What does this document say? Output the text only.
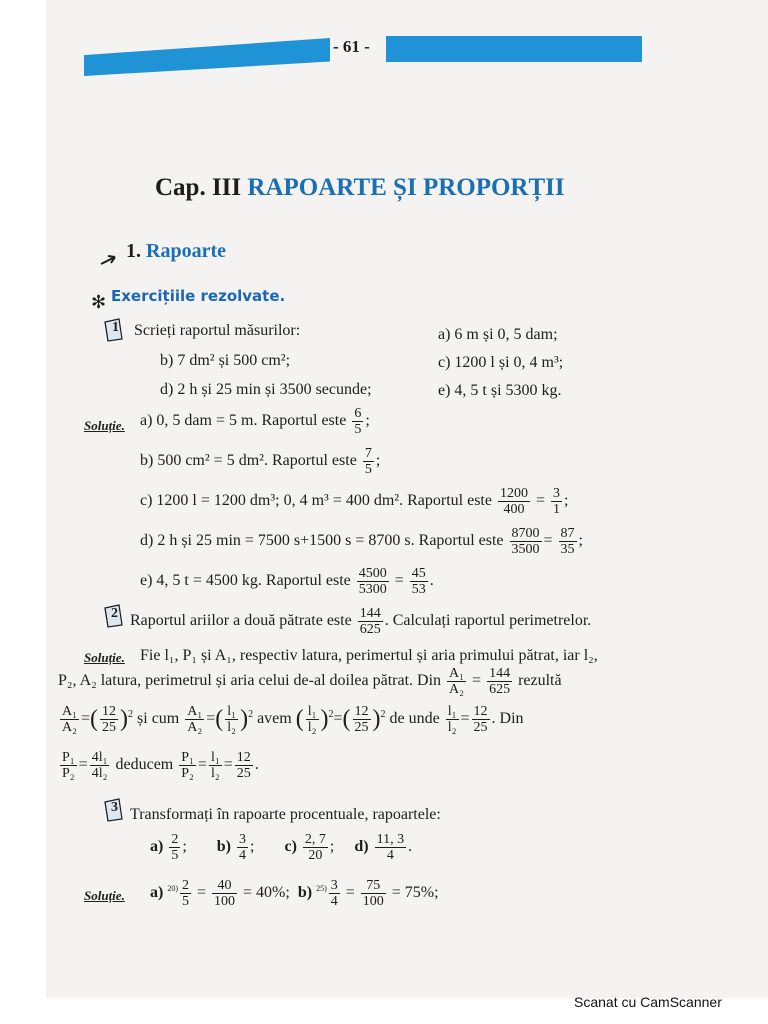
- 61 -
Cap. III RAPOARTE ȘI PROPORȚII
1. Rapoarte
✻ Exercițiile rezolvate.
1 Scrieți raportul măsurilor:	a) 6 m și 0, 5 dam;
b) 7 dm² și 500 cm²;	c) 1200 l și 0, 4 m³;
d) 2 h și 25 min și 3500 secunde;	e) 4, 5 t și 5300 kg.
Soluție. a) 0, 5 dam = 5 m. Raportul este $\frac{6}{5}$ ;
b) 500 cm² = 5 dm². Raportul este $\frac{7}{5}$ ;
c) 1200 l = 1200 dm³; 0, 4 m³ = 400 dm². Raportul este $\frac{1200}{400} = \frac{3}{1}$ ;
d) 2 h și 25 min = 7500 s+1500 s = 8700 s. Raportul este $\frac{8700}{3500} = \frac{87}{35}$ ;
e) 4, 5 t = 4500 kg. Raportul este $\frac{4500}{5300} = \frac{45}{53}$ .
2 Raportul ariilor a două pătrate este $\frac{144}{625}$ . Calculați raportul perimetrelor.
Soluție. Fie l₁, P₁ și A₁, respectiv latura, perimertul și aria primului pătrat, iar l₂,
P₂, A₂ latura, perimetrul și aria celui de-al doilea pătrat. Din $\frac{\text{A₁}}{\text{A₂}} = \frac{144}{625}$ rezultă
$\frac{\text{A₁}}{\text{A₂}}$ =( $\frac{12}{25} )^2$ și cum $\frac{\text{A₁}}{\text{A₂}}$ =( $\frac{\text{l₁}}{\text{l₂}} )^2$ avem ( $\frac{\text{l₁}}{\text{l₂}} )^2=( \frac{12}{25} )^2$ de unde $\frac{\text{l₁}}{\text{l₂}} = \frac{12}{25}$ . Din
$\frac{\text{P₁}}{\text{P₂}} = \frac{\text{4l₁}}{\text{4l₂}}$ deducem $\frac{\text{P₁}}{\text{P₂}} = \frac{\text{l₁}}{\text{l₂}} = \frac{12}{25}$ .
3 Transformați în rapoarte procentuale, rapoartele:
$a) \frac{2}{5}$ ; $b) \frac{3}{4}$ ; $c) \frac{2, 7}{20}$ ; $d) \frac{11, 3}{4}$ .
Soluție. a) $^{20)} \frac{2}{5} = \frac{40}{100} = 40\%$; b) $^{25)} \frac{3}{4} = \frac{75}{100} = 75\%$;
Scanat cu CamScanner
